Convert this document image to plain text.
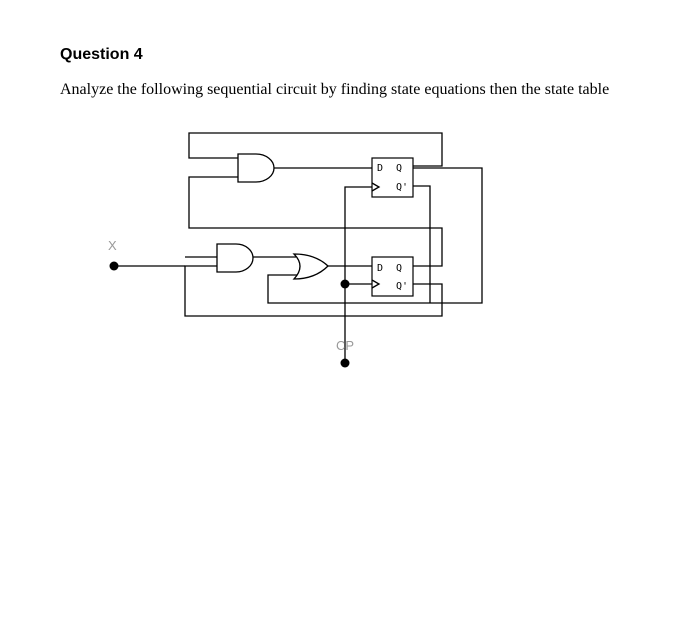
Question 4
Analyze the following sequential circuit by finding state equations then the state table
D Q
Q'
D Q
Q'
X
CP
